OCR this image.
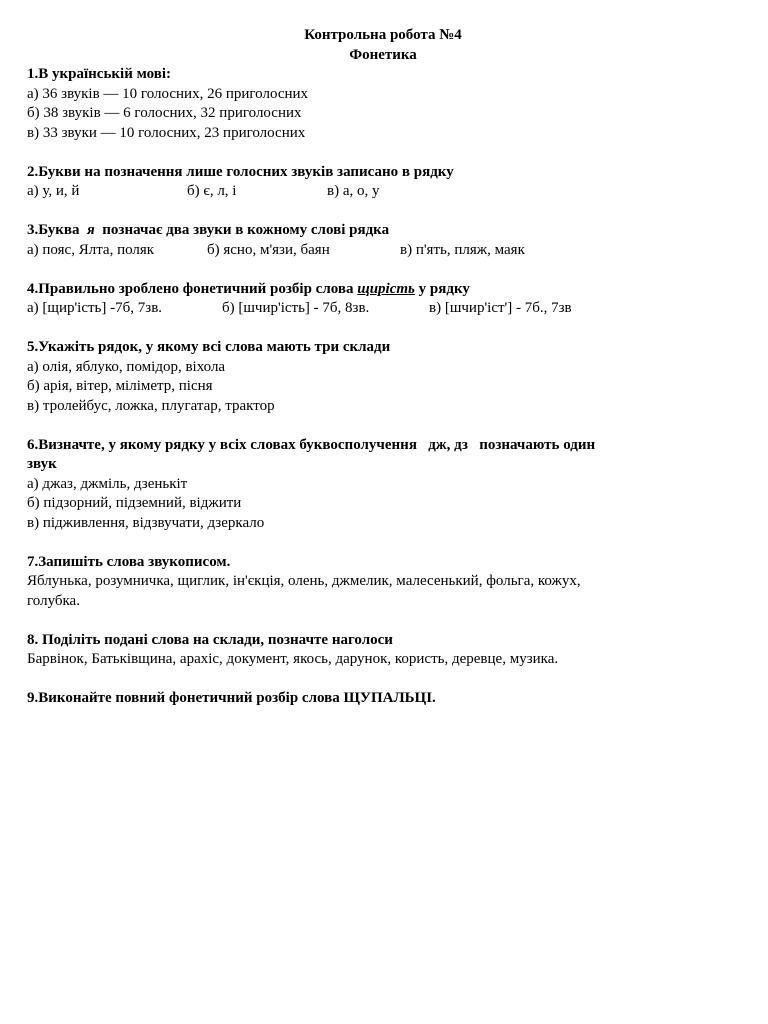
Контрольна робота №4
Фонетика
1.В українській мові:
а) 36 звуків — 10 голосних, 26 приголосних
б) 38 звуків — 6 голосних, 32 приголосних
в) 33 звуки — 10 голосних, 23 приголосних
2.Букви на позначення лише голосних звуків записано в рядку
а) у, и, й	б) є, л, і	в) а, о, у
3.Буква я позначає два звуки в кожному слові рядка
а) пояс, Ялта, поляк	б) ясно, м'язи, баян	в) п'ять, пляж, маяк
4.Правильно зроблено фонетичний розбір слова щирість у рядку
а) [щир'ість] -7б, 7зв.	б) [шчир'ість] - 7б, 8зв.	в) [шчир'іст'] - 7б., 7зв
5.Укажіть рядок, у якому всі слова мають три склади
а) олія, яблуко, помідор, віхола
б) арія, вітер, міліметр, пісня
в) тролейбус, ложка, плугатар, трактор
6.Визначте, у якому рядку у всіх словах буквосполучення дж, дз позначають один
звук
а) джаз, джміль, дзенькіт
б) підзорний, підземний, віджити
в) підживлення, відзвучати, дзеркало
7.Запишіть слова звукописом.
Яблунька, розумничка, щиглик, ін'єкція, олень, джмелик, малесенький, фольга, кожух,
голубка.
8. Поділіть подані слова на склади, позначте наголоси
Барвінок, Батьківщина, арахіс, документ, якось, дарунок, користь, деревце, музика.
9.Виконайте повний фонетичний розбір слова ЩУПАЛЬЦІ.
